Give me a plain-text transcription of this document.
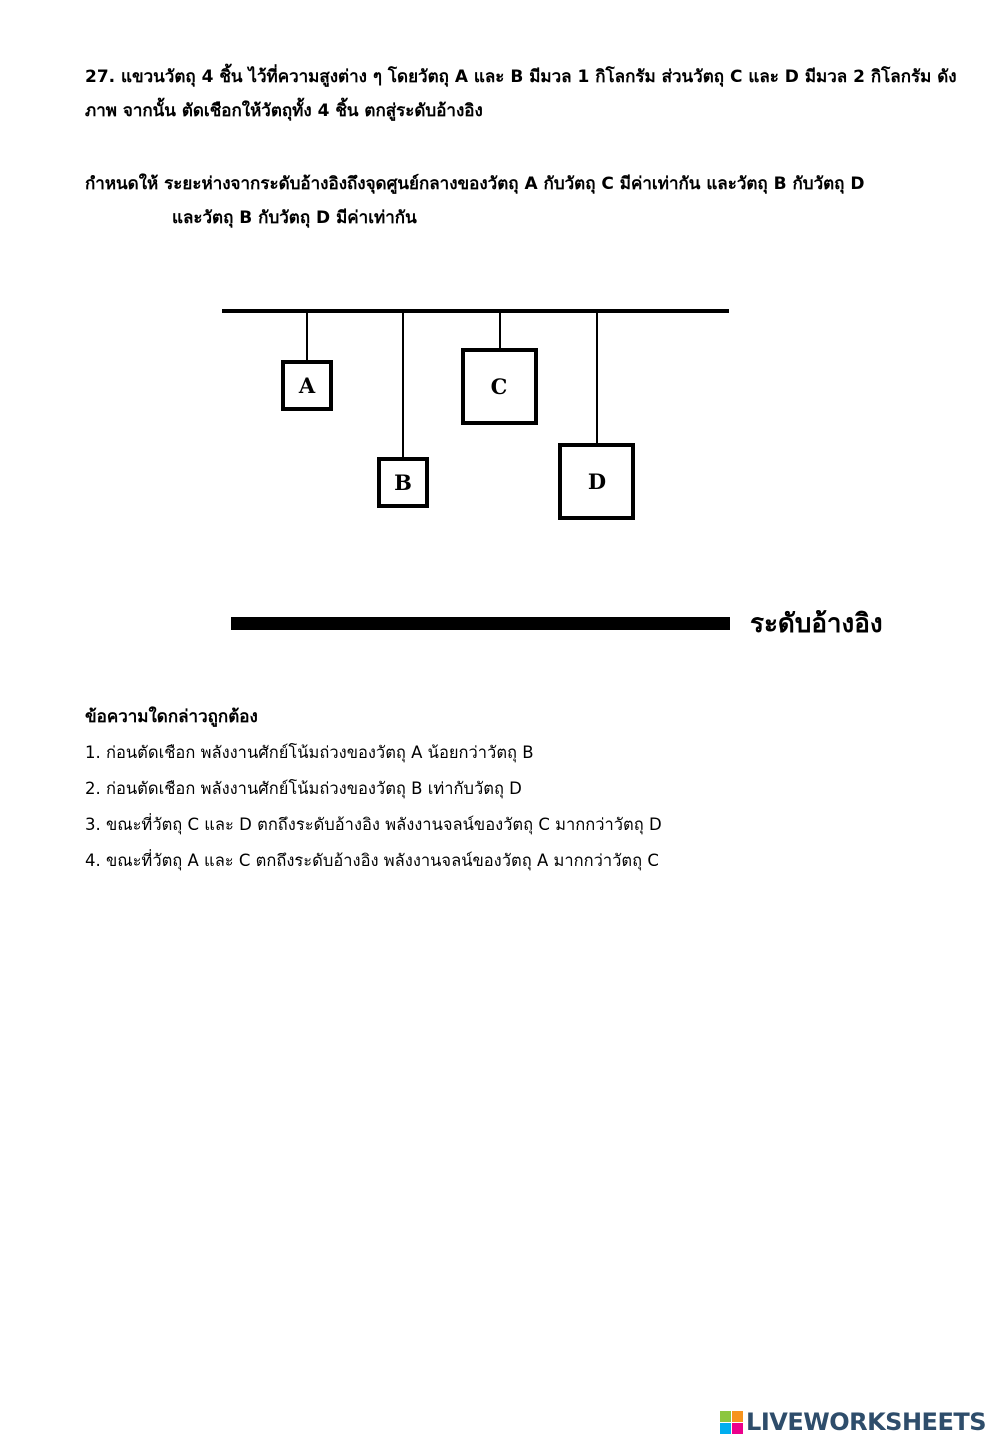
27. แขวนวัตถุ 4 ชิ้น ไว้ที่ความสูงต่าง ๆ โดยวัตถุ A และ B มีมวล 1 กิโลกรัม ส่วนวัตถุ C และ D มีมวล 2 กิโลกรัม ดังภาพ จากนั้น ตัดเชือกให้วัตถุทั้ง 4 ชิ้น ตกสู่ระดับอ้างอิง
กำหนดให้ ระยะห่างจากระดับอ้างอิงถึงจุดศูนย์กลางของวัตถุ A กับวัตถุ C มีค่าเท่ากัน และวัตถุ B กับวัตถุ D
และวัตถุ B กับวัตถุ D มีค่าเท่ากัน
A
B
C
D
ระดับอ้างอิง
ข้อความใดกล่าวถูกต้อง
1. ก่อนตัดเชือก พลังงานศักย์โน้มถ่วงของวัตถุ A น้อยกว่าวัตถุ B
2. ก่อนตัดเชือก พลังงานศักย์โน้มถ่วงของวัตถุ B เท่ากับวัตถุ D
3. ขณะที่วัตถุ C และ D ตกถึงระดับอ้างอิง พลังงานจลน์ของวัตถุ C มากกว่าวัตถุ D
4. ขณะที่วัตถุ A และ C ตกถึงระดับอ้างอิง พลังงานจลน์ของวัตถุ A มากกว่าวัตถุ C
LIVEWORKSHEETS
